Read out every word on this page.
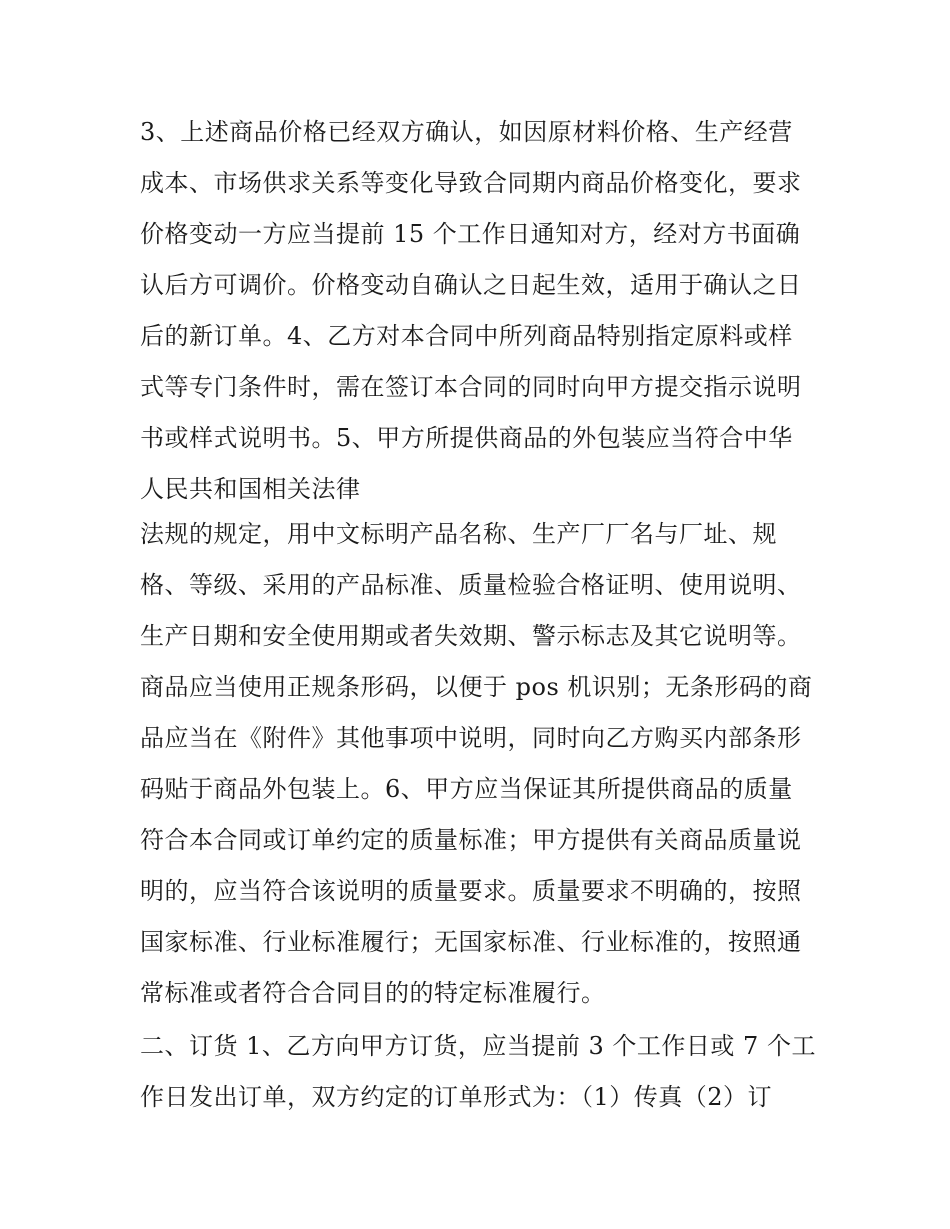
3、上述商品价格已经双方确认，如因原材料价格、生产经营
成本、市场供求关系等变化导致合同期内商品价格变化，要求
价格变动一方应当提前 15 个工作日通知对方，经对方书面确
认后方可调价。价格变动自确认之日起生效，适用于确认之日
后的新订单。4、乙方对本合同中所列商品特别指定原料或样
式等专门条件时，需在签订本合同的同时向甲方提交指示说明
书或样式说明书。5、甲方所提供商品的外包装应当符合中华
人民共和国相关法律
法规的规定，用中文标明产品名称、生产厂厂名与厂址、规
格、等级、采用的产品标准、质量检验合格证明、使用说明、
生产日期和安全使用期或者失效期、警示标志及其它说明等。
商品应当使用正规条形码，以便于 pos 机识别；无条形码的商
品应当在《附件》其他事项中说明，同时向乙方购买内部条形
码贴于商品外包装上。6、甲方应当保证其所提供商品的质量
符合本合同或订单约定的质量标准；甲方提供有关商品质量说
明的，应当符合该说明的质量要求。质量要求不明确的，按照
国家标准、行业标准履行；无国家标准、行业标准的，按照通
常标准或者符合合同目的的特定标准履行。
二、订货 1、乙方向甲方订货，应当提前 3 个工作日或 7 个工
作日发出订单，双方约定的订单形式为：（1）传真（2）订
